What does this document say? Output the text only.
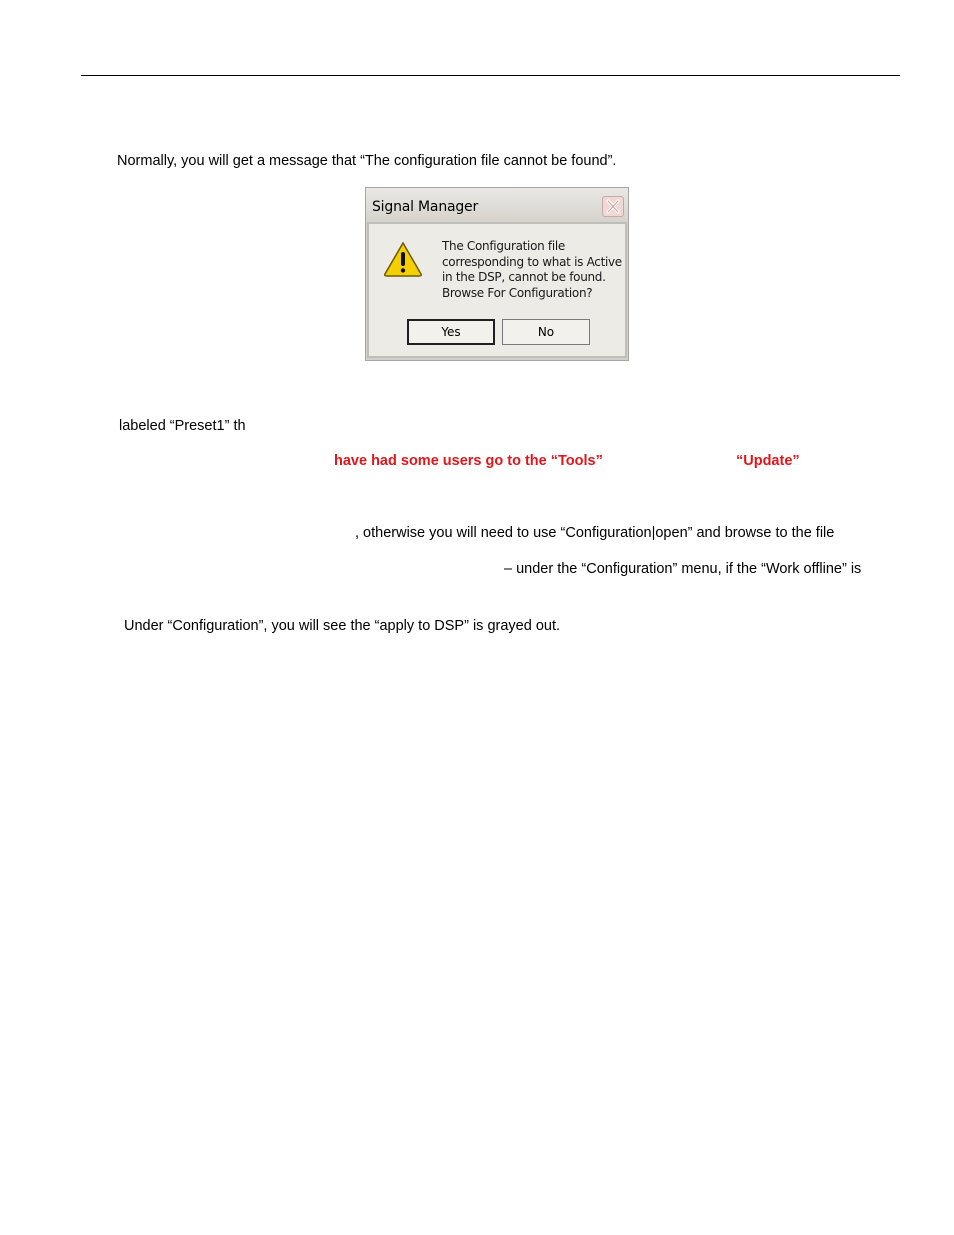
Normally, you will get a message that “The configuration file cannot be found”.
Signal Manager
The Configuration file corresponding to what is Active in the DSP, cannot be found. Browse For Configuration?
Yes	No
labeled “Preset1” th
have had some users go to the “Tools”	“Update”
, otherwise you will need to use “Configuration|open” and browse to the file
– under the “Configuration” menu, if the “Work offline” is
Under “Configuration”, you will see the “apply to DSP” is grayed out.
